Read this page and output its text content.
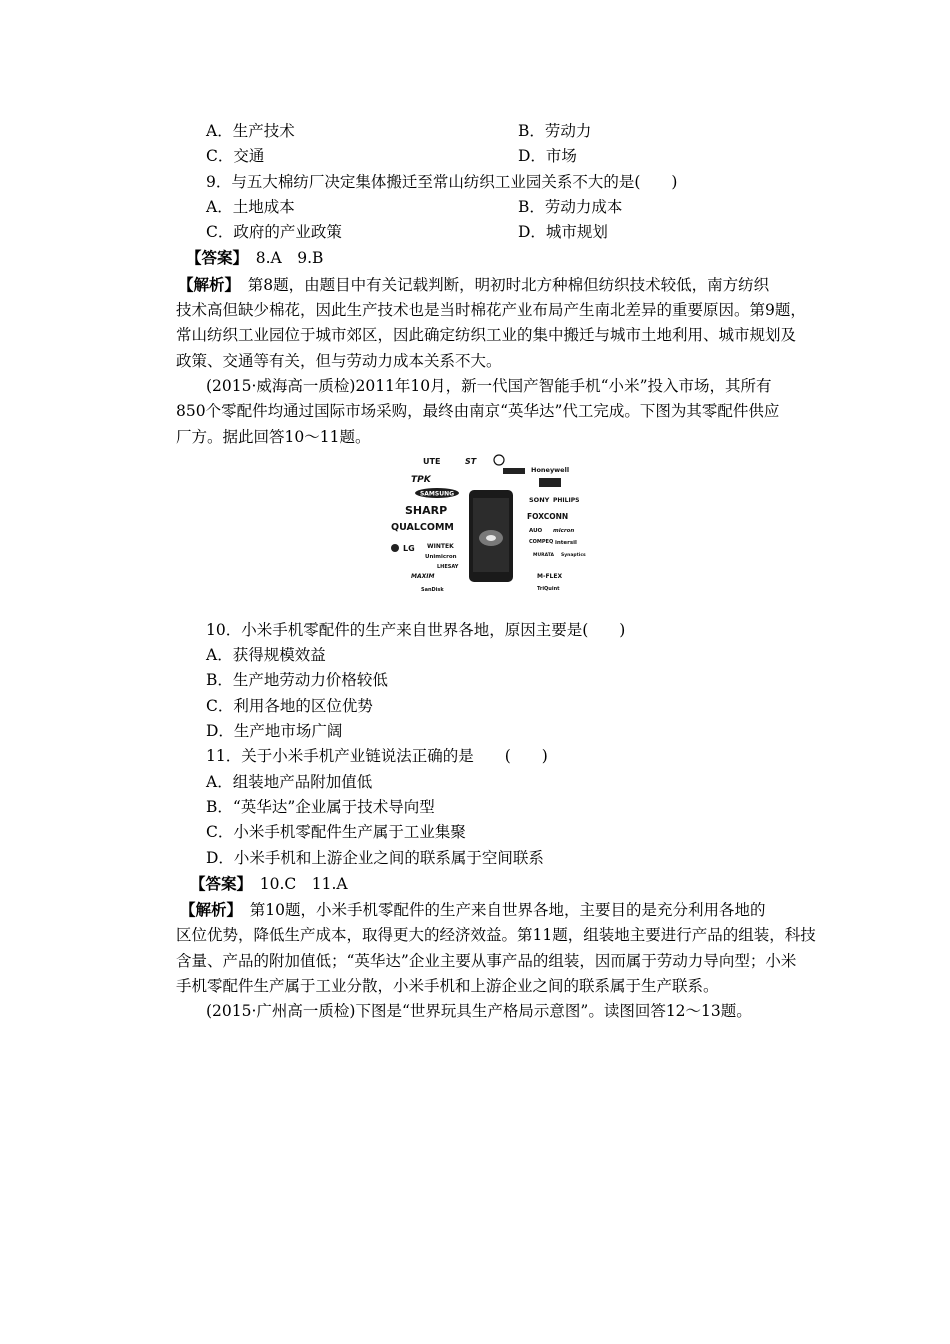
A．生产技术	B．劳动力
C．交通	D．市场
9．与五大棉纺厂决定集体搬迁至常山纺织工业园关系不大的是(　　)
A．土地成本	B．劳动力成本
C．政府的产业政策	D．城市规划
【答案】　8.A　9.B
【解析】　第8题，由题目中有关记载判断，明初时北方种棉但纺织技术较低，南方纺织
技术高但缺少棉花，因此生产技术也是当时棉花产业布局产生南北差异的重要原因。第9题，
常山纺织工业园位于城市郊区，因此确定纺织工业的集中搬迁与城市土地利用、城市规划及
政策、交通等有关，但与劳动力成本关系不大。
(2015·威海高一质检)2011年10月，新一代国产智能手机“小米”投入市场，其所有
850个零配件均通过国际市场采购，最终由南京“英华达”代工完成。下图为其零配件供应
厂方。据此回答10～11题。
10．小米手机零配件的生产来自世界各地，原因主要是(　　)
A．获得规模效益
B．生产地劳动力价格较低
C．利用各地的区位优势
D．生产地市场广阔
11．关于小米手机产业链说法正确的是　　(　　)
A．组装地产品附加值低
B．“英华达”企业属于技术导向型
C．小米手机零配件生产属于工业集聚
D．小米手机和上游企业之间的联系属于空间联系
【答案】　10.C　11.A
【解析】　第10题，小米手机零配件的生产来自世界各地，主要目的是充分利用各地的
区位优势，降低生产成本，取得更大的经济效益。第11题，组装地主要进行产品的组装，科技
含量、产品的附加值低；“英华达”企业主要从事产品的组装，因而属于劳动力导向型；小米
手机零配件生产属于工业分散，小米手机和上游企业之间的联系属于生产联系。
(2015·广州高一质检)下图是“世界玩具生产格局示意图”。读图回答12～13题。
UTE	ST
Honeywell
TPK
SAMSUNG
SHARP
QUALCOMM
LG WINTEK
Unimicron
LHESAY
MAXIM
SONY PHILIPS
FOXCONN
AUO micron
COMPEQ intersil
MURATA Synaptics
M-FLEX
TriQuint
SanDisk
